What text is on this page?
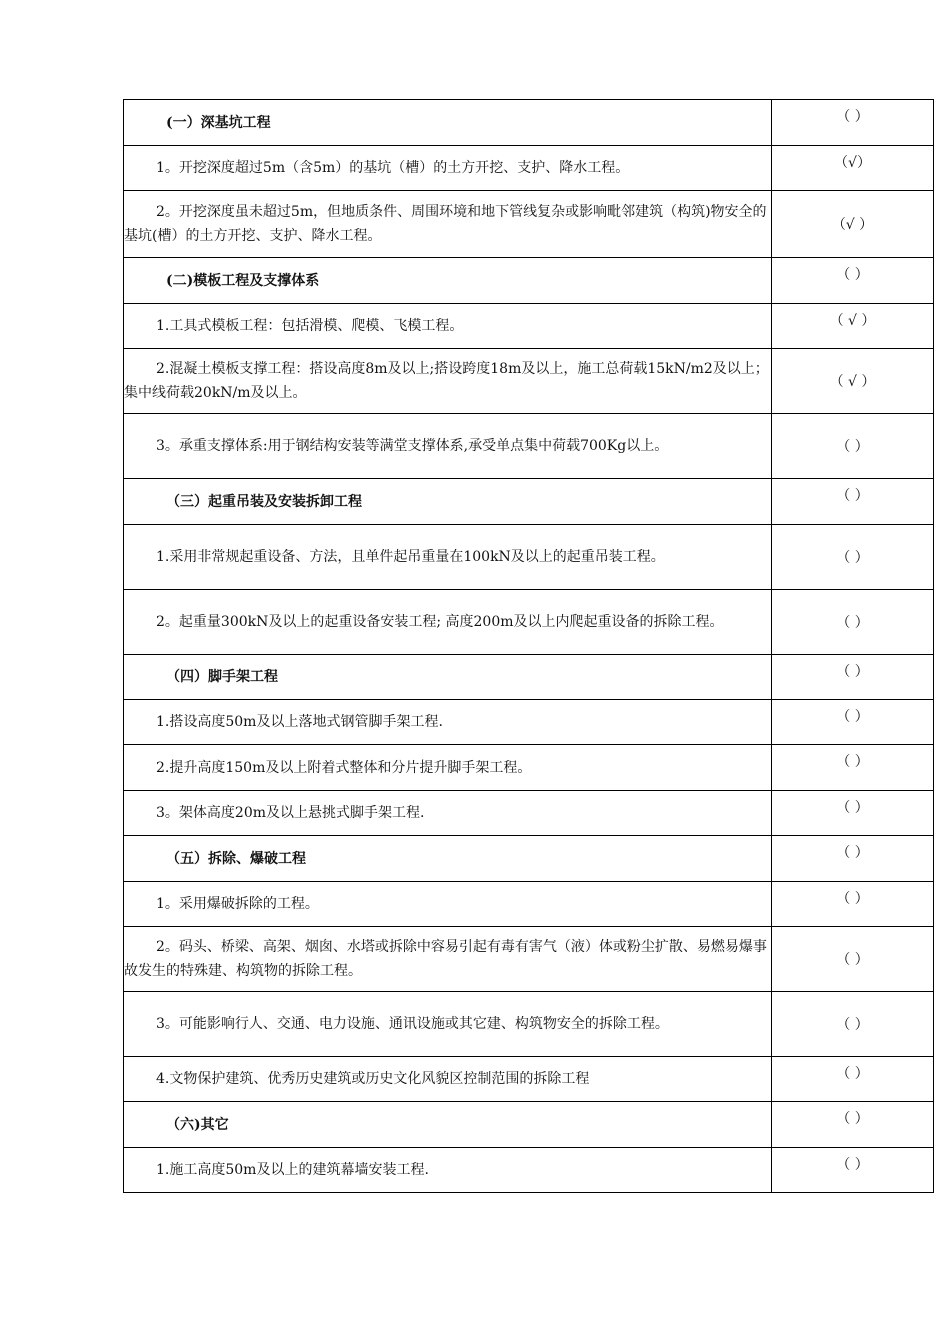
(一）深基坑工程	（ ）
1。开挖深度超过5m（含5m）的基坑（槽）的土方开挖、支护、降水工程。	（√）
2。开挖深度虽未超过5m，但地质条件、周围环境和地下管线复杂或影响毗邻建筑（构筑)物安全的基坑(槽）的土方开挖、支护、降水工程。	（√ ）
(二)模板工程及支撑体系	（ ）
1.工具式模板工程：包括滑模、爬模、飞模工程。	（ √ ）
2.混凝土模板支撑工程：搭设高度8m及以上;搭设跨度18m及以上，施工总荷载15kN/m2及以上；集中线荷载20kN/m及以上。	（ √ ）
3。承重支撑体系:用于钢结构安装等满堂支撑体系,承受单点集中荷载700Kg以上。	（ ）
（三）起重吊装及安装拆卸工程	（ ）
1.采用非常规起重设备、方法，且单件起吊重量在100kN及以上的起重吊装工程。	（ ）
2。起重量300kN及以上的起重设备安装工程; 高度200m及以上内爬起重设备的拆除工程。	（ ）
（四）脚手架工程	（ ）
1.搭设高度50m及以上落地式钢管脚手架工程.	（ ）
2.提升高度150m及以上附着式整体和分片提升脚手架工程。	（ ）
3。架体高度20m及以上悬挑式脚手架工程.	（ ）
（五）拆除、爆破工程	（ ）
1。采用爆破拆除的工程。	（ ）
2。码头、桥梁、高架、烟囱、水塔或拆除中容易引起有毒有害气（液）体或粉尘扩散、易燃易爆事故发生的特殊建、构筑物的拆除工程。	（ ）
3。可能影响行人、交通、电力设施、通讯设施或其它建、构筑物安全的拆除工程。	（ ）
4.文物保护建筑、优秀历史建筑或历史文化风貌区控制范围的拆除工程	（ ）
（六)其它	（ ）
1.施工高度50m及以上的建筑幕墙安装工程.	（ ）
